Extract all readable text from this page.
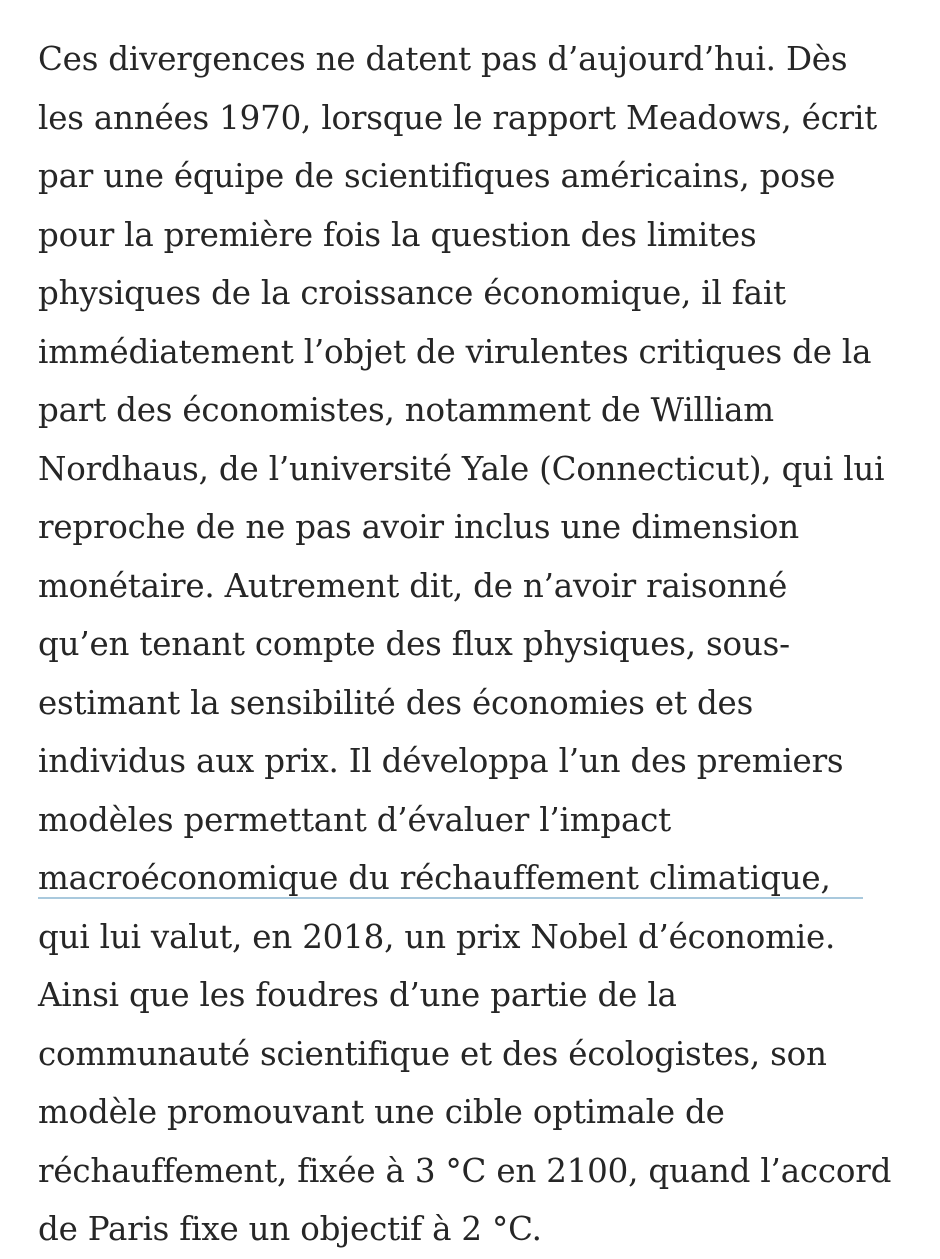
Ces divergences ne datent pas d’aujourd’hui. Dès
les années 1970, lorsque le rapport Meadows, écrit
par une équipe de scientifiques américains, pose
pour la première fois la question des limites
physiques de la croissance économique, il fait
immédiatement l’objet de virulentes critiques de la
part des économistes, notamment de William
Nordhaus, de l’université Yale (Connecticut), qui lui
reproche de ne pas avoir inclus une dimension
monétaire. Autrement dit, de n’avoir raisonné
qu’en tenant compte des flux physiques, sous-
estimant la sensibilité des économies et des
individus aux prix. Il développa l’un des premiers
modèles permettant d’évaluer l’impact
macroéconomique du réchauffement climatique,
qui lui valut, en 2018, un prix Nobel d’économie.
Ainsi que les foudres d’une partie de la
communauté scientifique et des écologistes, son
modèle promouvant une cible optimale de
réchauffement, fixée à 3 °C en 2100, quand l’accord
de Paris fixe un objectif à 2 °C.
